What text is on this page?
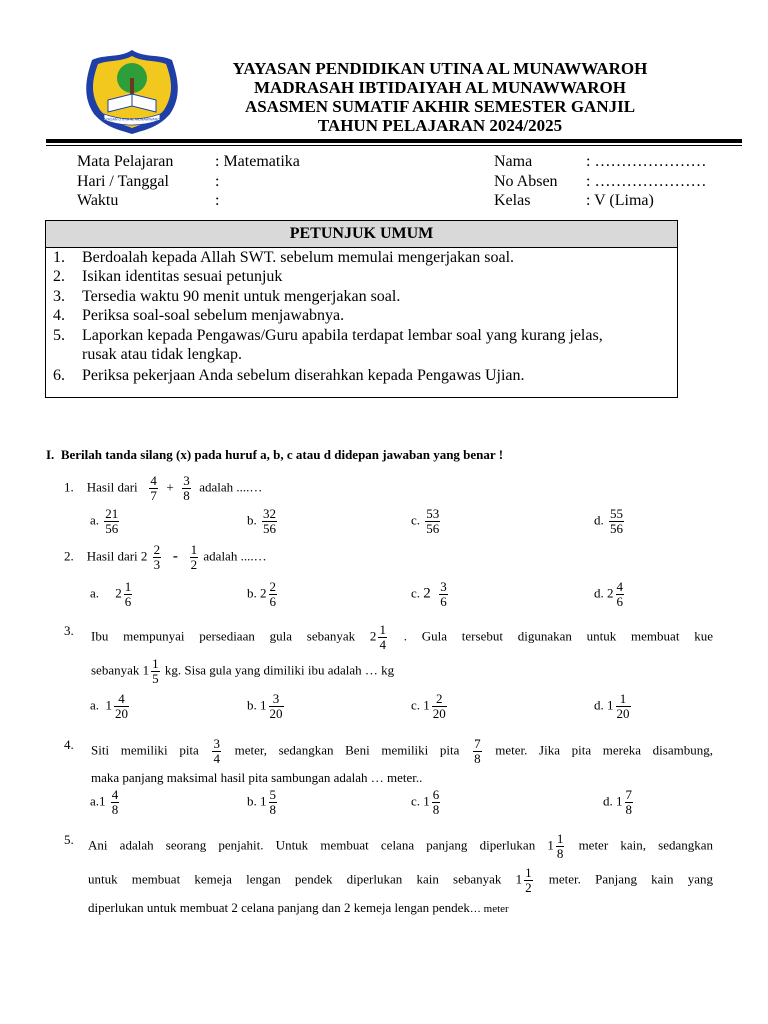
YAYASAN UTINA AL MUNAWWAROH
YAYASAN PENDIDIKAN UTINA AL MUNAWWAROH
MADRASAH IBTIDAIYAH AL MUNAWWAROH
ASASMEN SUMATIF AKHIR SEMESTER GANJIL
TAHUN PELAJARAN 2024/2025
Mata Pelajaran	: Matematika
Hari / Tanggal	:
Waktu	:
Nama	: …………………
No Absen : …………………
Kelas	: V (Lima)
PETUNJUK UMUM
1. Berdoalah kepada Allah SWT. sebelum memulai mengerjakan soal.
2. Isikan identitas sesuai petunjuk
3. Tersedia waktu 90 menit untuk mengerjakan soal.
4. Periksa soal-soal sebelum menjawabnya.
5. Laporkan kepada Pengawas/Guru apabila terdapat lembar soal yang kurang jelas,
rusak atau tidak lengkap.
6. Periksa pekerjaan Anda sebelum diserahkan kepada Pengawas Ujian.
I. Berilah tanda silang (x) pada huruf a, b, c atau d didepan jawaban yang benar !
1. Hasil dari $\frac{4}{7} + \frac{3}{8}$ adalah ....…
a. $\frac{21}{56}$	b. $\frac{32}{56}$	c. $\frac{53}{56}$	d. $\frac{55}{56}$
2. Hasil dari $2 \frac{2}{3} - \frac{1}{2}$ adalah ....…
a. $2 \frac{1}{6}$	b. $2 \frac{2}{6}$	c. $2 \frac{3}{6}$	d. $2 \frac{4}{6}$
3. Ibu mempunyai persediaan gula sebanyak $2 \frac{1}{4}$ . Gula tersebut digunakan untuk membuat kue
sebanyak $1 \frac{1}{5}$ kg. Sisa gula yang dimiliki ibu adalah … kg
a. $1 \frac{4}{20}$	b. $1 \frac{3}{20}$	c. $1 \frac{2}{20}$	d. $1 \frac{1}{20}$
4. Siti memiliki pita $\frac{3}{4}$ meter, sedangkan Beni memiliki pita $\frac{7}{8}$ meter. Jika pita mereka disambung,
maka panjang maksimal hasil pita sambungan adalah … meter..
$a.1 \frac{4}{8}$	b. $1 \frac{5}{8}$	c. $1 \frac{6}{8}$	d. $1 \frac{7}{8}$
5. Ani adalah seorang penjahit. Untuk membuat celana panjang diperlukan $1 \frac{1}{8}$ meter kain, sedangkan
untuk membuat kemeja lengan pendek diperlukan kain sebanyak $1 \frac{1}{2}$ meter. Panjang kain yang
diperlukan untuk membuat 2 celana panjang dan 2 kemeja lengan pendek… meter
